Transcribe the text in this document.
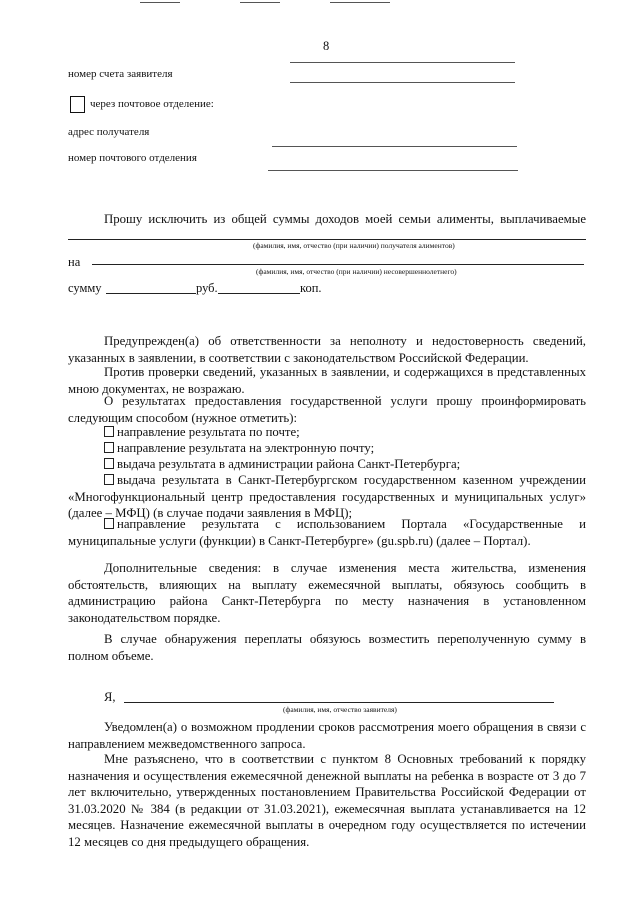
8
номер счета заявителя
через почтовое отделение:
адрес получателя
номер почтового отделения
Прошу исключить из общей суммы доходов моей семьи алименты, выплачиваемые
(фамилия, имя, отчество (при наличии) получателя алиментов)
на
(фамилия, имя, отчество (при наличии) несовершеннолетнего)
сумму	руб.	коп.
Предупрежден(а) об ответственности за неполноту и недостоверность сведений, указанных в заявлении, в соответствии с законодательством Российской Федерации.
Против проверки сведений, указанных в заявлении, и содержащихся в представленных мною документах, не возражаю.
О результатах предоставления государственной услуги прошу проинформировать следующим способом (нужное отметить):
направление результата по почте;
направление результата на электронную почту;
выдача результата в администрации района Санкт-Петербурга;
выдача результата в Санкт-Петербургском государственном казенном учреждении «Многофункциональный центр предоставления государственных и муниципальных услуг» (далее – МФЦ) (в случае подачи заявления в МФЦ);
направление результата с использованием Портала «Государственные и муниципальные услуги (функции) в Санкт-Петербурге» (gu.spb.ru) (далее – Портал).
Дополнительные сведения: в случае изменения места жительства, изменения обстоятельств, влияющих на выплату ежемесячной выплаты, обязуюсь сообщить в администрацию района Санкт-Петербурга по месту назначения в установленном законодательством порядке.
В случае обнаружения переплаты обязуюсь возместить переполученную сумму в полном объеме.
Я,
(фамилия, имя, отчество заявителя)
Уведомлен(а) о возможном продлении сроков рассмотрения моего обращения в связи с направлением межведомственного запроса.
Мне разъяснено, что в соответствии с пунктом 8 Основных требований к порядку назначения и осуществления ежемесячной денежной выплаты на ребенка в возрасте от 3 до 7 лет включительно, утвержденных постановлением Правительства Российской Федерации от 31.03.2020 № 384 (в редакции от 31.03.2021), ежемесячная выплата устанавливается на 12 месяцев. Назначение ежемесячной выплаты в очередном году осуществляется по истечении 12 месяцев со дня предыдущего обращения.
